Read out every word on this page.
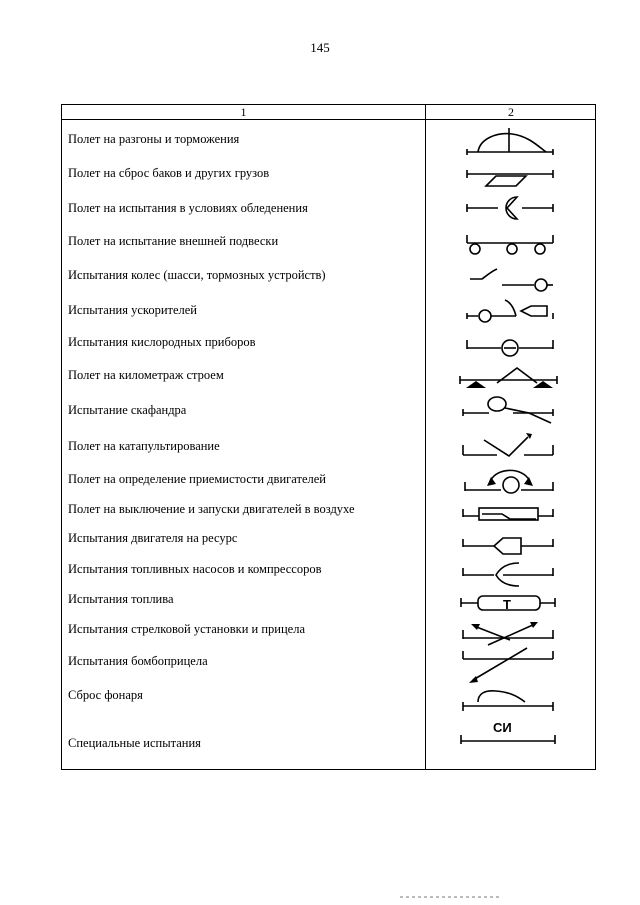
145
1	2
Полет на разгоны и торможения
Полет на сброс баков и других грузов
Полет на испытания в условиях обледенения
Полет на испытание внешней подвески
Испытания колес (шасси, тормозных устройств)
Испытания ускорителей
Испытания кислородных приборов
Полет на километраж строем
Испытание скафандра
Полет на катапультирование
Полет на определение приемистости двигателей
Полет на выключение и запуски двигателей в воздухе
Испытания двигателя на ресурс
Испытания топливных насосов и компрессоров
Испытания топлива
Испытания стрелковой установки и прицела
Испытания бомбоприцела
Сброс фонаря
Специальные испытания
Т
СИ
